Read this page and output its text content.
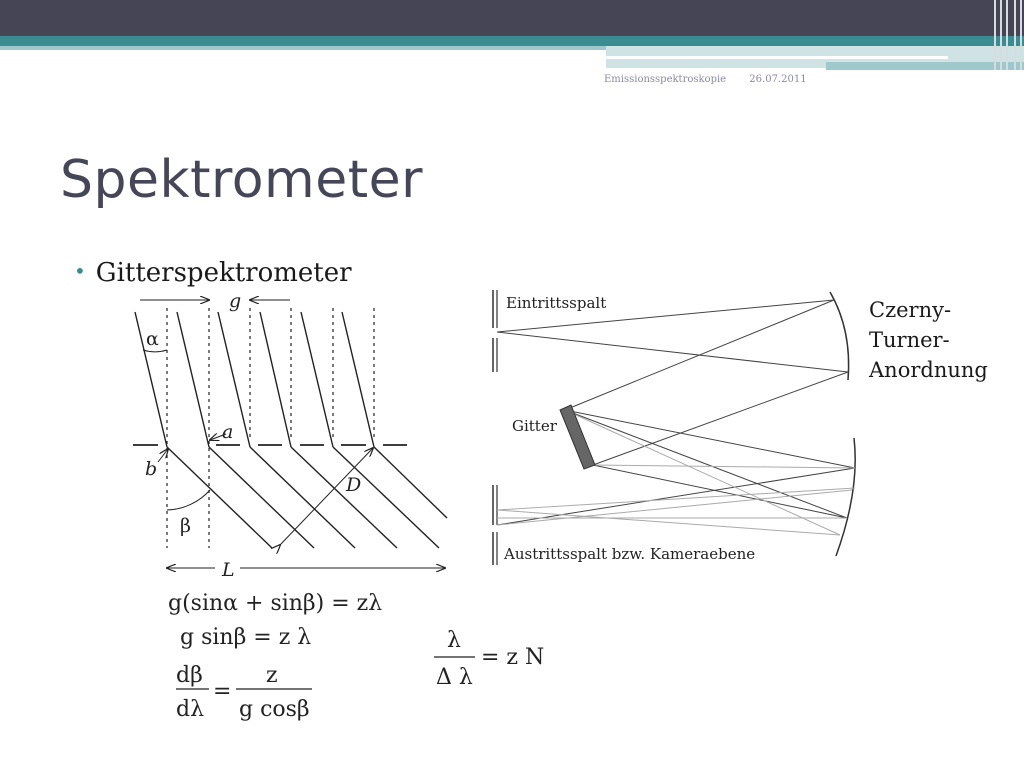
Emissionsspektroskopie 26.07.2011
Spektrometer
• Gitterspektrometer
Czerny-
Turner-
Anordnung
g
α
a
b
D
β
L
Eintrittsspalt
Gitter
Austrittsspalt bzw. Kameraebene
g(sinα + sinβ) = zλ
g sinβ = z λ
dβ
dλ
=
z
g cosβ
λ
Δ λ
= z N
